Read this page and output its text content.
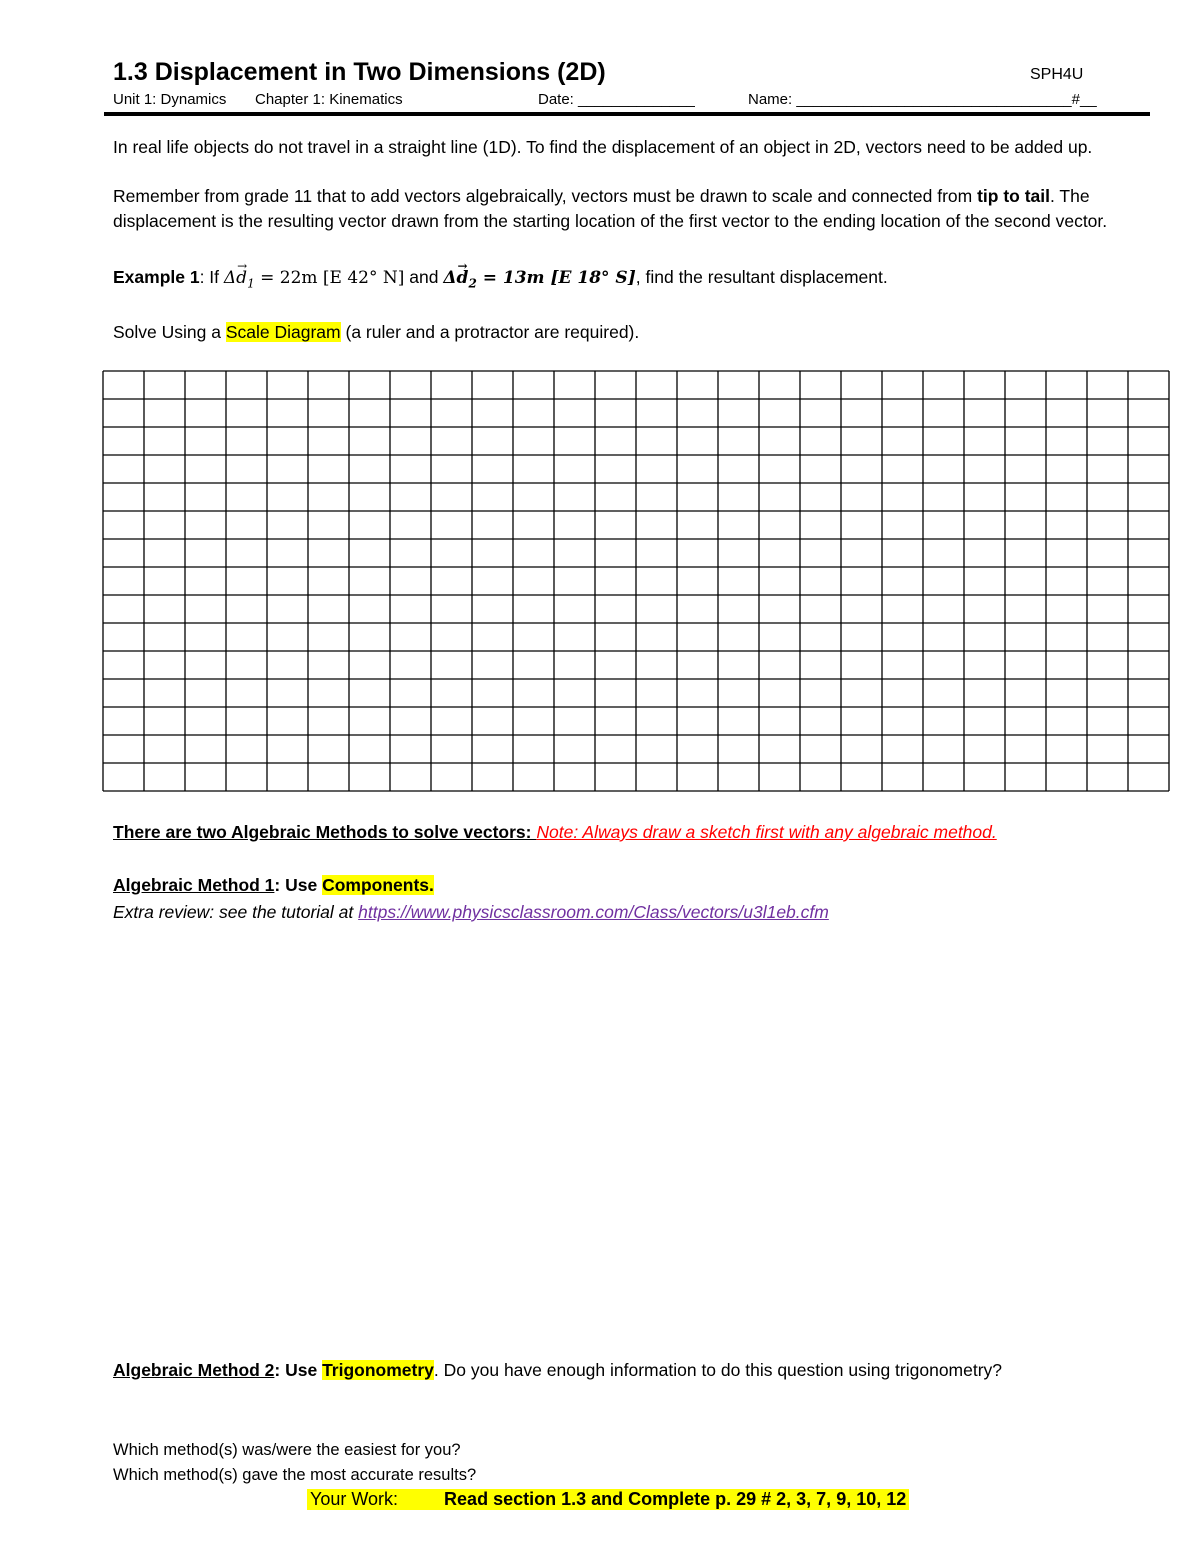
1.3 Displacement in Two Dimensions (2D)	SPH4U
Unit 1: Dynamics Chapter 1: Kinematics	Date: ______________	Name: _________________________________#__
In real life objects do not travel in a straight line (1D). To find the displacement of an object in 2D, vectors need to be added up.
Remember from grade 11 that to add vectors algebraically, vectors must be drawn to scale and connected from tip to tail. The
displacement is the resulting vector drawn from the starting location of the first vector to the ending location of the second vector.
Example 1: If $\Delta d \to_1 = 22m$ [E 42° N] and $\Delta d \to_2 = 13m$ [E 18° S], find the resultant displacement.
Solve Using a Scale Diagram (a ruler and a protractor are required).
There are two Algebraic Methods to solve vectors: Note: Always draw a sketch first with any algebraic method.
Algebraic Method 1: Use Components.
Extra review: see the tutorial at https://www.physicsclassroom.com/Class/vectors/u3l1eb.cfm
Algebraic Method 2: Use Trigonometry. Do you have enough information to do this question using trigonometry?
Which method(s) was/were the easiest for you?
Which method(s) gave the most accurate results?
Your Work:	Read section 1.3 and Complete p. 29 # 2, 3, 7, 9, 10, 12
